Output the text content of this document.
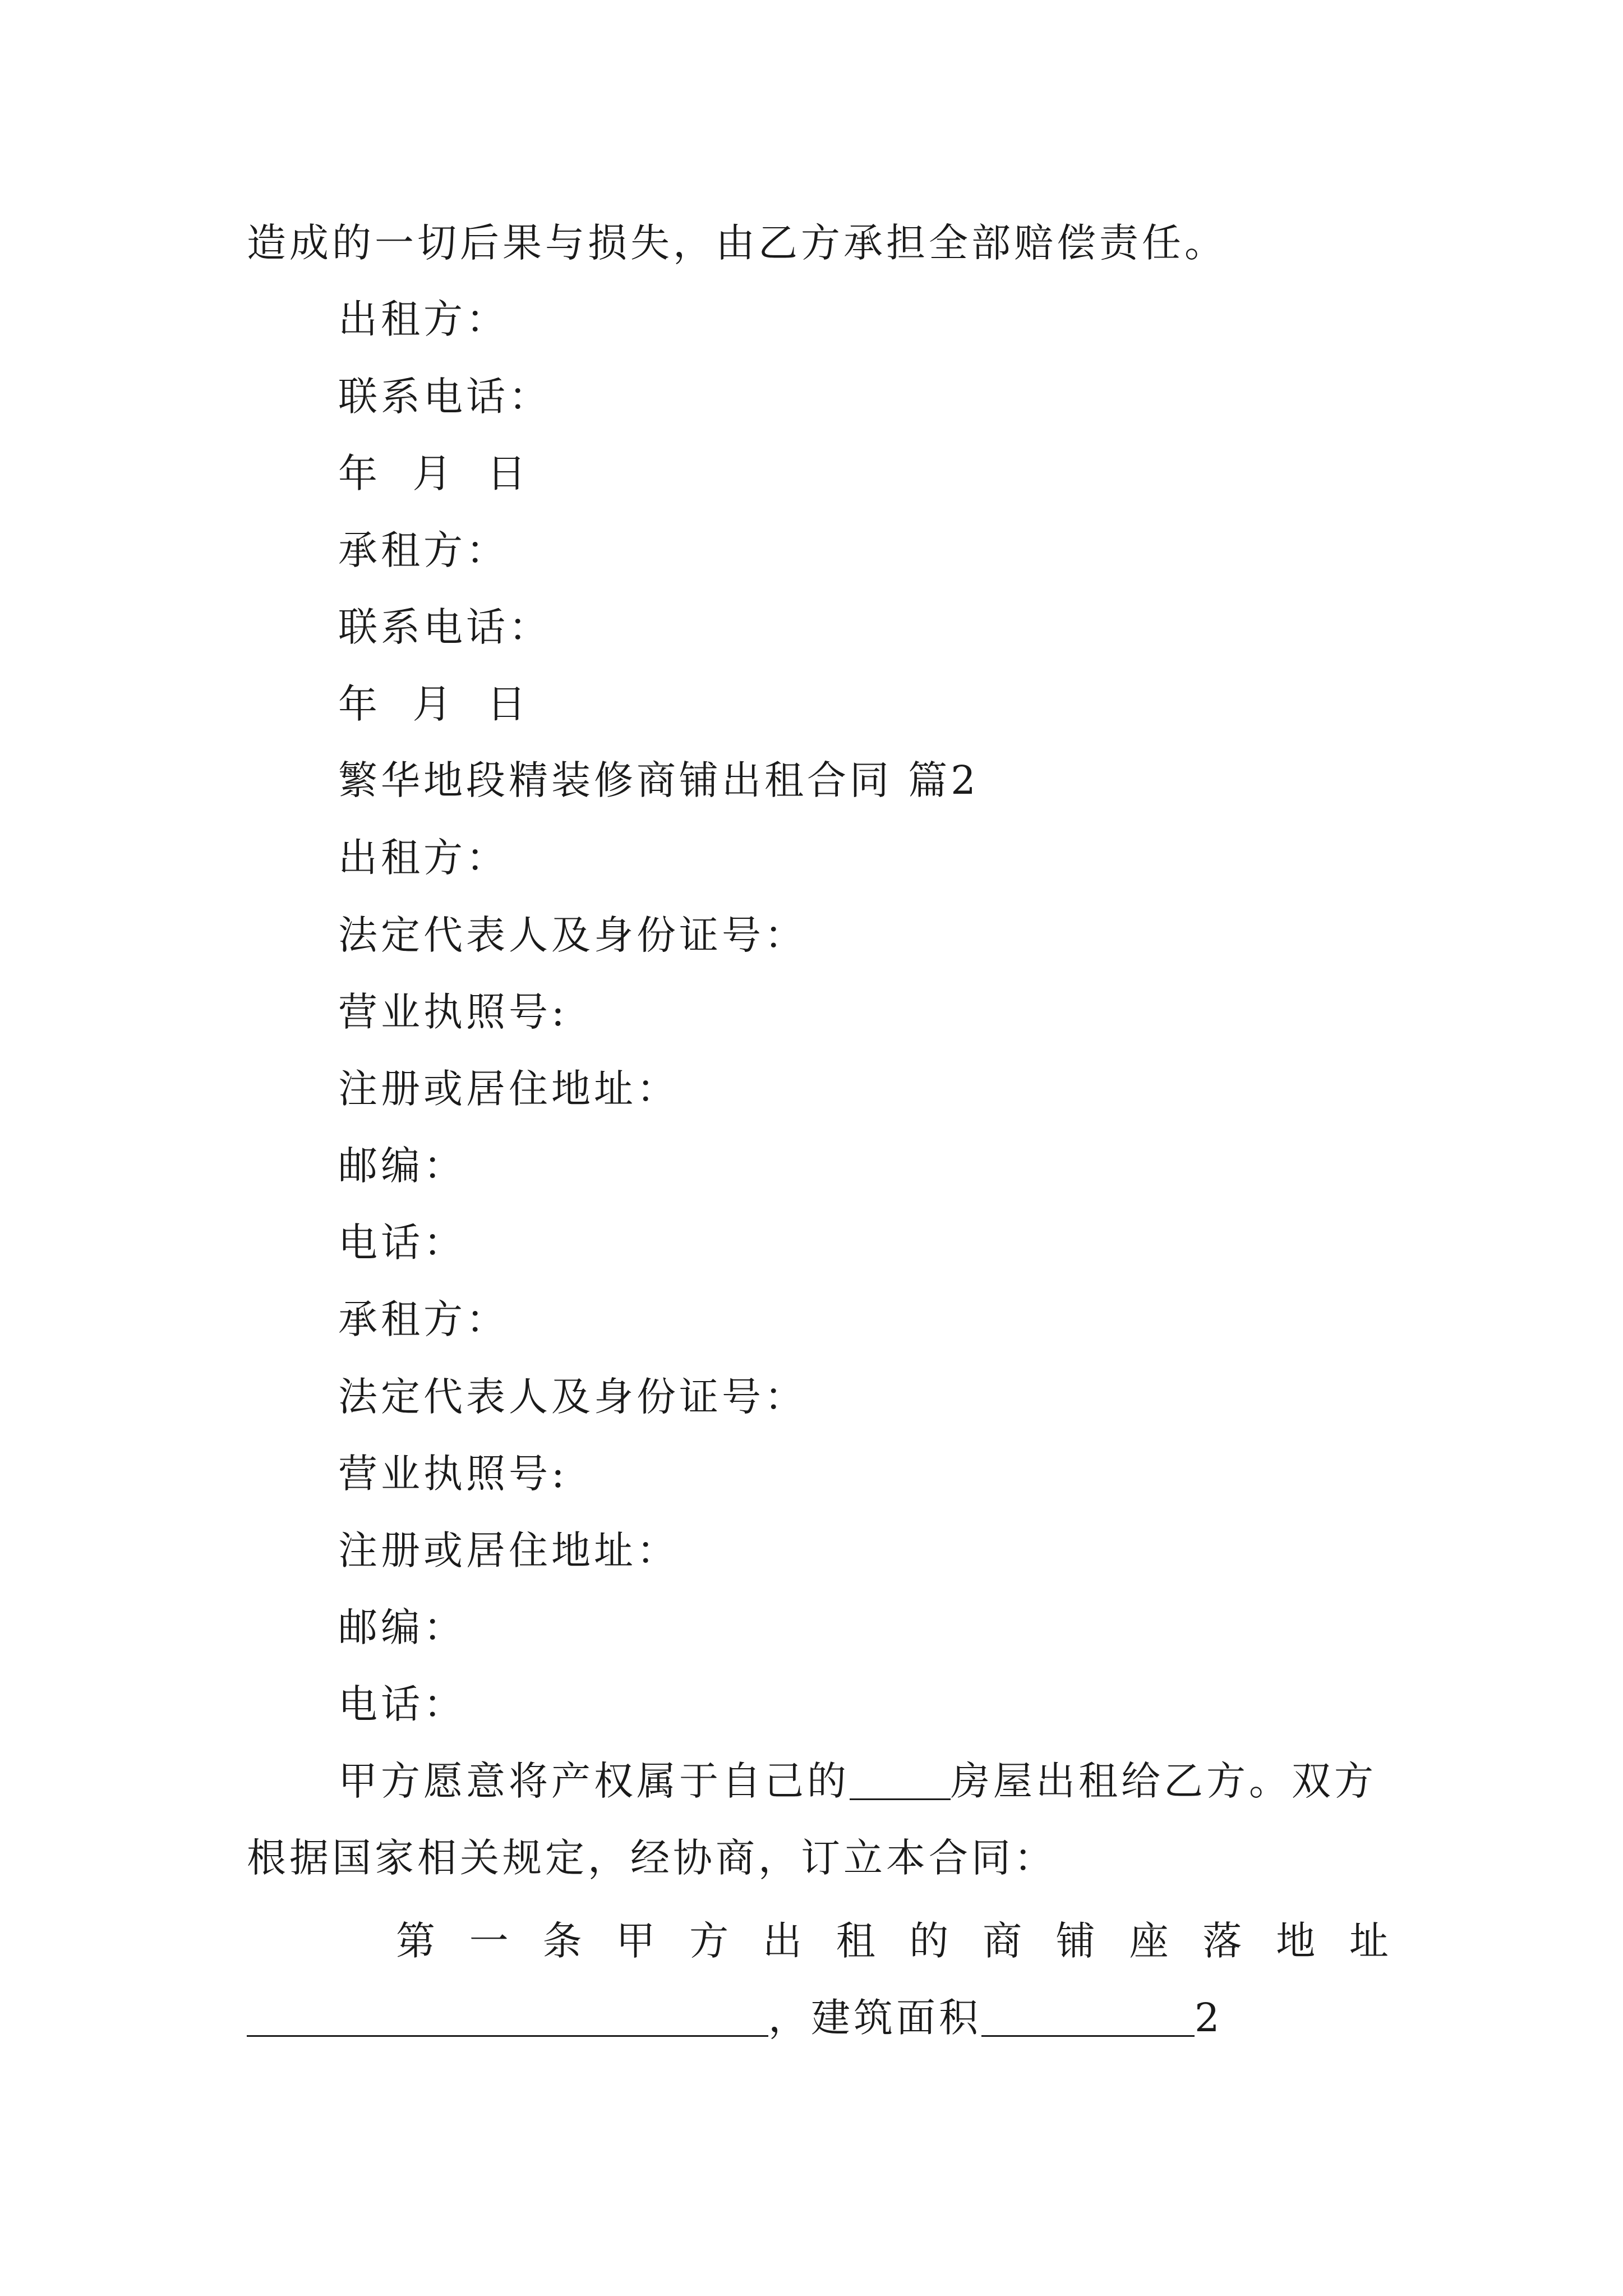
造成的一切后果与损失，由乙方承担全部赔偿责任。
出租方：
联系电话：
年  月  日
承租方：
联系电话：
年  月  日
繁华地段精装修商铺出租合同 篇2
出租方：
法定代表人及身份证号：
营业执照号:
注册或居住地址：
邮编：
电话：
承租方：
法定代表人及身份证号：
营业执照号:
注册或居住地址：
邮编：
电话：
甲方愿意将产权属于自己的	房屋出租给乙方。双方
根据国家相关规定，经协商，订立本合同：
第 一 条 甲 方 出 租 的 商 铺 座 落 地 址
，建筑面积	2
